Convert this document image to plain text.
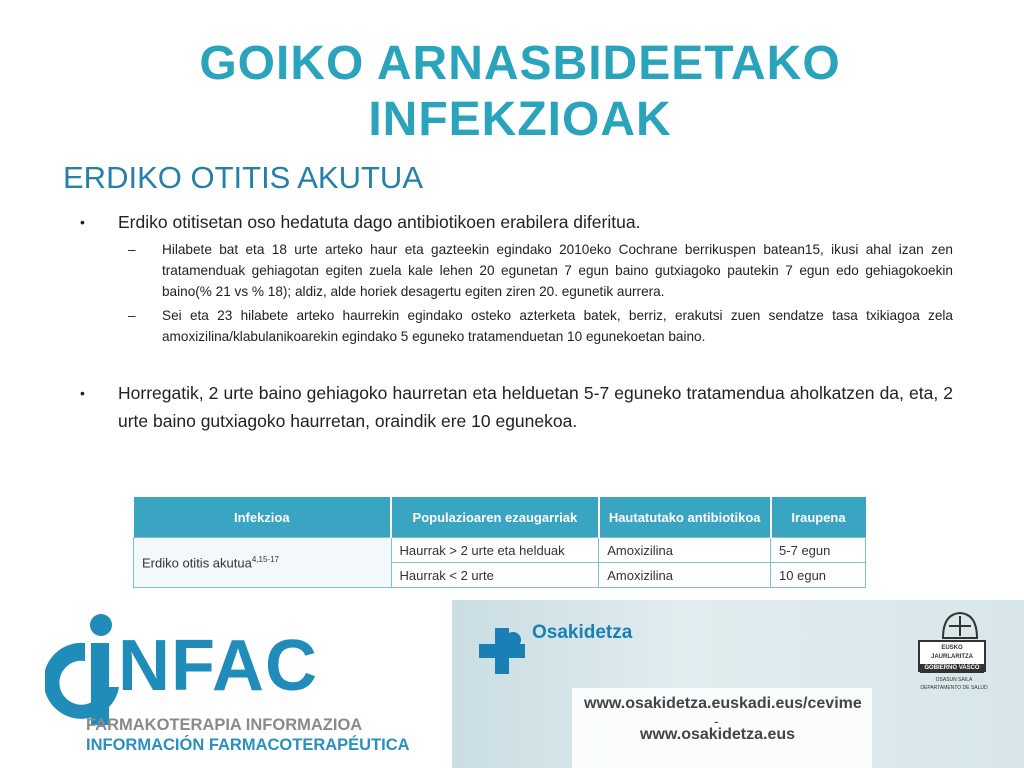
GOIKO ARNASBIDEETAKO
INFEKZIOAK
ERDIKO OTITIS AKUTUA
• Erdiko otitisetan oso hedatuta dago antibiotikoen erabilera diferitua.
– Hilabete bat eta 18 urte arteko haur eta gazteekin egindako 2010eko Cochrane berrikuspen batean15, ikusi ahal izan zen tratamenduak gehiagotan egiten zuela kale lehen 20 egunetan 7 egun baino gutxiagoko pautekin 7 egun edo gehiagokoekin baino(% 21 vs % 18); aldiz, alde horiek desagertu egiten ziren 20. egunetik aurrera.
– Sei eta 23 hilabete arteko haurrekin egindako osteko azterketa batek, berriz, erakutsi zuen sendatze tasa txikiagoa zela amoxizilina/klabulanikoarekin egindako 5 eguneko tratamenduetan 10 egunekoetan baino.
• Horregatik, 2 urte baino gehiagoko haurretan eta helduetan 5-7 eguneko tratamendua aholkatzen da, eta, 2 urte baino gutxiagoko haurretan, oraindik ere 10 egunekoa.
Infekzioa	Populazioaren ezaugarriak	Hautatutako antibiotikoa	Iraupena
Erdiko otitis akutua$^{4,15-17}$	Haurrak > 2 urte eta helduak	Amoxizilina	5-7 egun
	Haurrak < 2 urte	Amoxizilina	10 egun
NFAC
FARMAKOTERAPIA INFORMAZIOA
INFORMACIÓN FARMACOTERAPÉUTICA
Osakidetza
www.osakidetza.euskadi.eus/cevime
-
www.osakidetza.eus
EUSKO JAURLARITZA
GOBIERNO VASCO
OSASUN SAILA
DEPARTAMENTO DE SALUD
